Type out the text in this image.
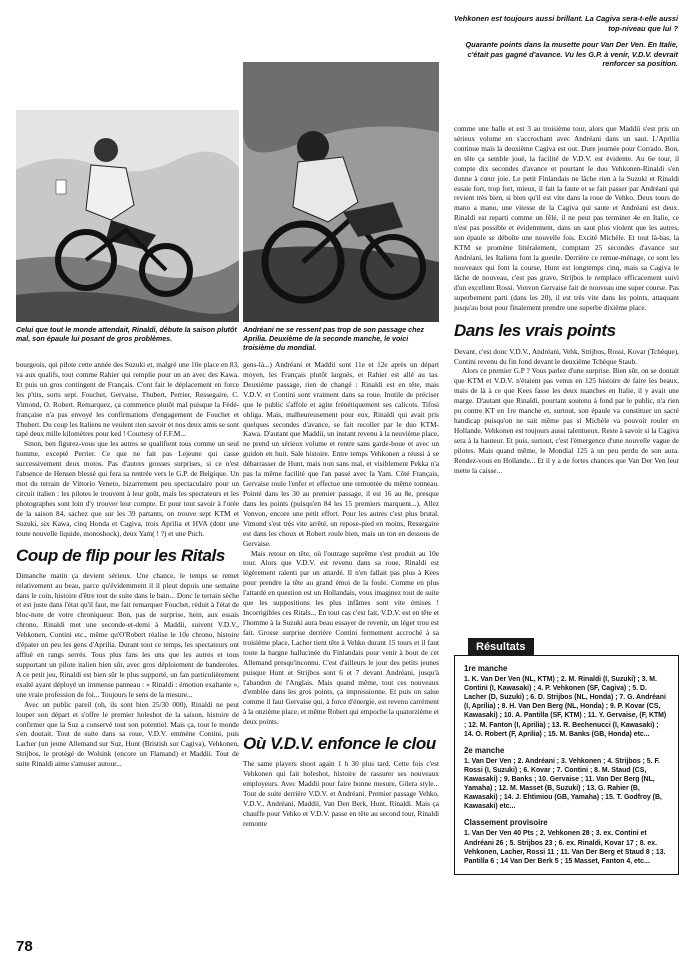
Vehkonen est toujours aussi brillant. La Cagiva sera-t-elle aussi top-niveau que lui ?
Quarante points dans la musette pour Van Der Ven. En Italie, c'était pas gagné d'avance. Vu les G.P. à venir, V.D.V. devrait renforcer sa position.
Celui que tout le monde attendait, Rinaldi, débute la saison plutôt mal, son épaule lui posant de gros problèmes.
Andréani ne se ressent pas trop de son passage chez Aprilia. Deuxième de la seconde manche, le voici troisième du mondial.

bourgeois, qui pilote cette année des Suzuki et, malgré une 10e place en 83, va aux qualifs, tout comme Rahier qui remplie pour un an avec des Kawa. Et puis un gros contingent de Français. C'ont fait le déplacement en force les p'tits, sorts sept. Fouchet, Gervaise, Thubert, Perrier, Ressegaire, C. Vimond, O. Robert. Remarquez, ça commence plutôt mal puisque la Fédé-française n'a pas envoyé les confirmations d'engagement de Fouchet et Thubert. Du coup les Italiens ne veulent rien savoir et nos deux amis se sont tapé deux mille kilomètres pour ked ! Courtesy of F.F.M...

Sinon, ben figurez-vous que les autres se qualifient tous comme un seul homme, excepté Perrier. Ce que ne fait pas Lejeune qui casse successivement deux motos. Pas d'autres grosses surprises, si ce n'est l'absence de Hensen blessé qui fera sa rentrée vers le G.P. de Belgique. Un mot du terrain de Vittorio Veneto, bizarrement peu spectaculaire pour un circuit italien : les pilotes le trouvent à leur goût, mais les spectateurs et les photographes sont loin d'y trouver leur compte. Et pour tout savoir à l'orée de la saison 84, sachez que sur les 39 partants, on trouve sept KTM et Suzuki, six Kawa, cinq Honda et Cagiva, trois Aprilia et HVA (dont une toute nouvelle liquide, monoshock), deux Yam( ! ?) et une Puch.

Coup de flip pour les Ritals

Dimanche matin ça devient sérieux. Une chance, le temps se remet relativement au beau, parce qu'évidemment il il pleut depuis une semaine dans le coin, histoire d'être tout de suite dans le bain... Donc le terrain sèche et est juste dans l'état qu'il faut, me fait remarquer Fouchet, réduit à l'état de bloc-note de votre chroniqueur. Bon, pas de surprise, hein, aux essais chrono, Rinaldi met une seconde-et-demi à Maddii, suivent V.D.V., Vehkonen, Contini etc., même qu'O'Robert réalise le 10e chrono, histoire d'épater un peu les gens d'Aprilia. Durant tout ce temps, les spectateurs ont afflué en rangs serrés. Tous plus fans les uns que les autres et tous supportant un pilote italien bien sûr, avec gros déploiement de banderoles. A ce petit jeu, Rinaldi est bien sûr le plus supporté, un fan particulièrement exalté ayant déployé un immense panneau : « Rinaldi : émotion exaltante », une vraie profession de foi... Toujours le sens de la mesure...

Avec un public pareil (oh, ils sont bien 25/30 000), Rinaldi ne peut louper son départ et s'offre le premier holeshot de la saison, histoire de confirmer que la Suz a conservé tout son potentiel. Mais ça, tout le monde s'en doutait. Tout de suite dans sa roue, V.D.V. emmène Contini, puis Lacher (un jeune Allemand sur Suz, Hunt (Bristish sur Cagiva), Vehkonen, Strijbos, le protégé de Wolsink (encore un Flamand) et Maddii. Tout de suite Rinaldi aime s'amuser autour...

gens-là...) Andréani et Maddii sont 11e et 12e après un départ moyen, les Français plutôt largués, et Rahier est allé au tas. Deuxième passage, rien de changé : Rinaldi est en tête, mais V.D.V. et Contini sont vraiment dans sa roue. Inutile de préciser que le public s'affole et agite frénétiquement ses calicots. Tifosi obliga. Mais, malheureusement pour eux, Rinaldi qui avait pris quelques secondes d'avance, se fait recoller par le duo KTM-Kawa. D'autant que Maddii, un instant revenu à la neuvième place, ne prend un sérieux volume et rentre sans garde-boue et avec un guidon en huit. Sale histoire. Entre temps Vehkonen a réussi à se débarrasser de Hunt, mais non sans mal, et visiblement Pekka n'a pas la même facilité que l'an passé avec la Yam. Côté Français, Gervaise roule l'enfer et effectue une remontée du même tonneau. Pointé dans les 30 au premier passage, il est 16 au 8e, presque dans les points (puisqu'en 84 les 15 premiers marquent...). Allez Vonvon, encore une petit effort. Pour les autres c'est plus brutal. Vimond s'est très vite arrêté, un repose-pied en moins, Ressegaire est dans les choux et Robert roule bien, mais un ton en dessous de Gervaise.

Mais retour en tête, où l'outrage suprême s'est produit au 10e tour. Alors que V.D.V. est revenu dans sa roue, Rinaldi est légèrement ralenti par un attardé. Il n'en fallait pas plus à Kees pour prendre la tête au grand émoi de la foule. Comme en plus l'attardé en question est un Hollandais, vous imaginez tout de suite que les suppositions les plus infâmes sont vite émises ! Incorrigibles ces Ritals... En tout cas c'est fait, V.D.V. est en tête et l'homme à la Suzuki aura beau essayer de revenir, un léger trou est fait. Grosse surprise derrière Contini fermement accroché à sa troisième place, Lacher tient tête à Vehko durant 15 tours et il faut toute la hargne hallucinée du Finlandais pour venir à bout de cet Allemand presqu'inconnu. C'est d'ailleurs le jour des petits jeunes puisque Hunt et Strijbos sont 6 et 7 devant Andréani, jusqu'à l'abandon de l'Anglais. Mais quand même, tout ces nouveaux d'emblée dans les gros points, ça impressionne. Et puis on salue comme il faut Gervaise qui, à force d'énergie, est revenu carrément à la onzième place, et même Robert qui empoche la quatorzième et deux points.

Où V.D.V. enfonce le clou

The same players shoot again 1 h 30 plus tard. Cette fois c'est Vehkonen qui fait holeshot, histoire de rassurer ses nouveaux employeurs. Avec Maddii pour faire bonne mesure, Gilera style... Tout de suite derrière V.D.V. et Andréani. Premier passage Vehko, V.D.V., Andréani, Maddii, Van Den Berk, Hunt, Rinaldi. Mais ça chauffe pour Vehko et V.D.V. passe en tête au second tour, Rinaldi remonte

comme une balle et est 3 au troisième tour, alors que Maddii s'est pris un sérieux volume en s'accrochant avec Andréani dans un saut. L'Aprilia continue mais la deuxième Cagiva est out. Dure journée pour Corrado. Bon, en tête ça semble joué, la facilité de V.D.V. est évidente. Au 6e tour, il compte dix secondes d'avance et pourtant le duo Vehkonen-Rinaldi s'en donne à cœur joie. Le petit Finlandais ne lâche rien à la Suzuki et Rinaldi essaie fort, trop fort, mieux, il fait la faute et se fait passer par Andréani qui revient très bien, si bien qu'il est vite dans la roue de Vehko. Deux tours de mano a mano, une vitesse de la Cagiva qui saute et Andréani est deux. Rinaldi est reparti comme un fêlé, il ne peut pas terminer 4e en Italie, ce n'est pas possible et évidemment, dans un saut plus violent que les autres, son épaule se déboîte une nouvelle fois. Excité Michèle. Et tout là-bas, la KTM se promène littéralement, comptant 25 secondes d'avance sur Andréani, les Italiens font la gueule. Derrière ce remue-ménage, ce sont les nouveaux qui font la course, Hunt est longtemps cinq, mais sa Cagiva le lâche de nouveau, c'est pas grave, Strijbos le remplace efficacement suivi d'un excellent Rossi. Vonvon Gervaise fait de nouveau une super course. Pas superbement parti (dans les 20), il est très vite dans les points, attaquant jusqu'au bout pour finalement prendre une superbe dixième place.

Dans les vrais points

Devant, c'est donc V.D.V., Andréani, Vehk, Strijbos, Rossi, Kovar (Tchèque), Contini revenu du fin fond devant le deuxième Tchèque Staub.

Alors ce premier G.P ? Vous parlez d'une surprise. Bien sûr, on se doutait que KTM et V.D.V. n'étaient pas venus en 125 histoire de faire les beaux, mais de là à ce que Kees fasse les deux manches en Italie, il y avait une marge. D'autant que Rinaldi, pourtant soutenu à fond par le public, n'a rien pu contre KT en 1re manche et, surtout, son épaule va constituer un sacré handicap puisqu'on ne sait même pas si Michèle va pouvoir rouler en Hollande. Vehkonen est toujours aussi talentueux. Reste à savoir si la Cagiva sera à la hauteur. Et puis, surtout, c'est l'émergence d'une nouvelle vague de pilotes. Mais quand même, le Mondial 125 à un peu perdu de son aura. Rendez-vous en Hollande... Et il y a de fortes chances que Van Der Ven leur mette la caisse...

Résultats
1re manche
1. K. Van Der Ven (NL, KTM) ; 2. M. Rinaldi (I, Suzuki) ; 3. M. Contini (I, Kawasaki) ; 4. P. Vehkonen (SF, Cagiva) ; 5. D. Lacher (D, Suzuki) ; 6. D. Strijbos (NL, Honda) ; 7. G. Andréani (I, Aprilia) ; 8. H. Van Den Berg (NL, Honda) ; 9. P. Kovar (CS, Kawasaki) ; 10. A. Pantilla (SF, KTM) ; 11. Y. Gervaise, (F, KTM) ; 12. M. Fanton (I, Aprilia) ; 13. R. Bechenucci (I, Kawasaki) ; 14. O. Robert (F, Aprilia) ; 15. M. Banks (GB, Honda) etc...
2e manche
1. Van Der Ven ; 2. Andréani ; 3. Vehkonen ; 4. Strijbos ; 5. F. Rossi (I, Suzuki) ; 6. Kovar ; 7. Contini ; 8. M. Staud (CS, Kawasaki) ; 9. Banks ; 10. Gervaise ; 11. Van Der Berg (NL, Yamaha) ; 12. M. Masset (B, Suzuki) ; 13. G. Rahier (B, Kawasaki) ; 14. J. Ehtimiou (GB, Yamaha) ; 15. T. Godfroy (B, Kawasaki) etc...
Classement provisoire
1. Van Der Ven 40 Pts ; 2. Vehkonen 28 ; 3. ex. Contini et Andréani 26 ; 5. Strijbos 23 ; 6. ex. Rinaldi, Kovar 17 ; 8. ex. Vehkonen, Lacher, Rossi 11 ; 11. Van Der Berg et Staud 8 ; 13. Pantilla 6 ; 14 Van Der Berk 5 ; 15 Masset, Fanton 4, etc...
78
